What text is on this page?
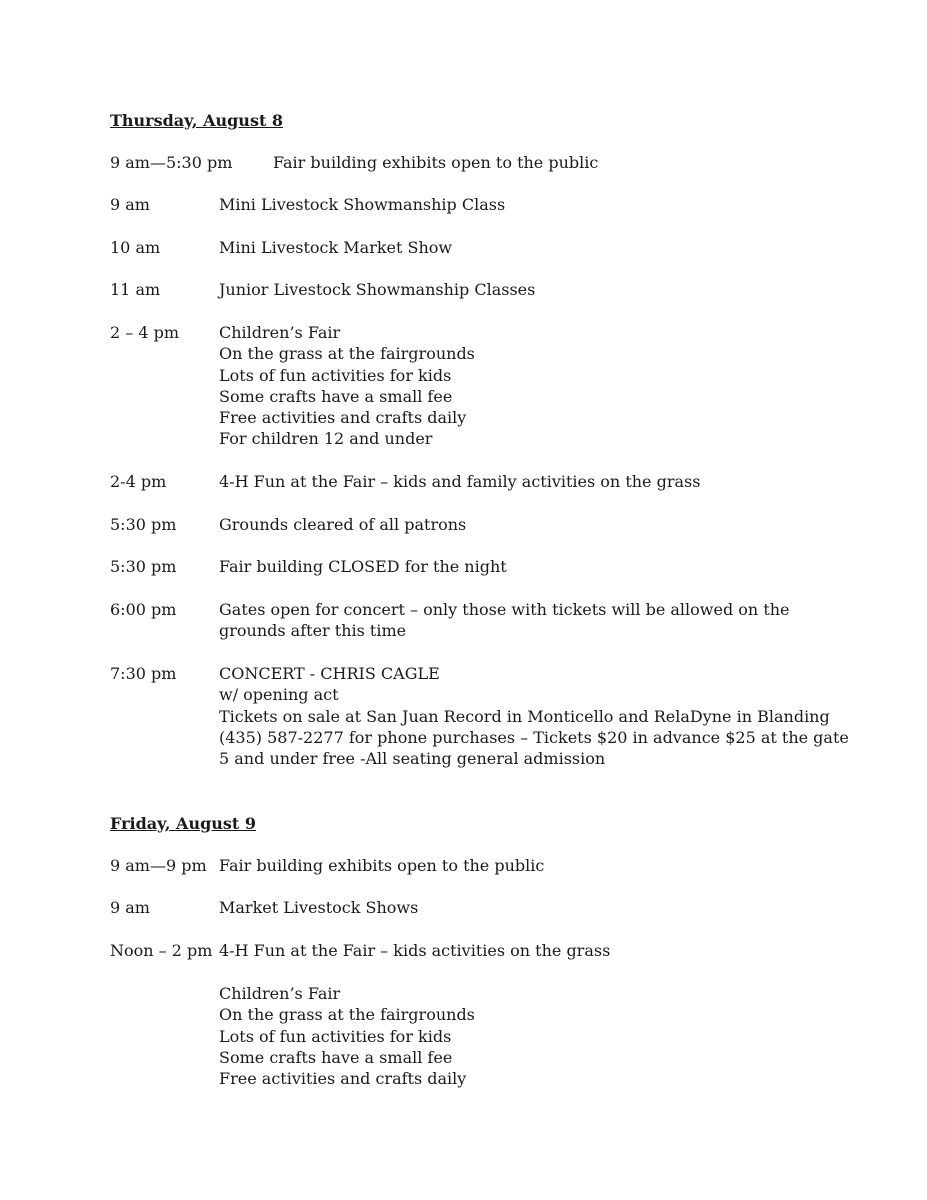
Thursday, August 8
9 am—5:30 pm	Fair building exhibits open to the public
9 am	Mini Livestock Showmanship Class
10 am	Mini Livestock Market Show
11 am	Junior Livestock Showmanship Classes
2 – 4 pm Children’s Fair
On the grass at the fairgrounds
Lots of fun activities for kids
Some crafts have a small fee
Free activities and crafts daily
For children 12 and under
2-4 pm	4-H Fun at the Fair – kids and family activities on the grass
5:30 pm	Grounds cleared of all patrons
5:30 pm	Fair building CLOSED for the night
6:00 pm	Gates open for concert – only those with tickets will be allowed on the
grounds after this time
7:30 pm	CONCERT - CHRIS CAGLE
w/ opening act
Tickets on sale at San Juan Record in Monticello and RelaDyne in Blanding
(435) 587-2277 for phone purchases – Tickets $20 in advance $25 at the gate
5 and under free -All seating general admission
Friday, August 9
9 am—9 pm Fair building exhibits open to the public
9 am	Market Livestock Shows
Noon – 2 pm 4-H Fun at the Fair – kids activities on the grass
Children’s Fair
On the grass at the fairgrounds
Lots of fun activities for kids
Some crafts have a small fee
Free activities and crafts daily
